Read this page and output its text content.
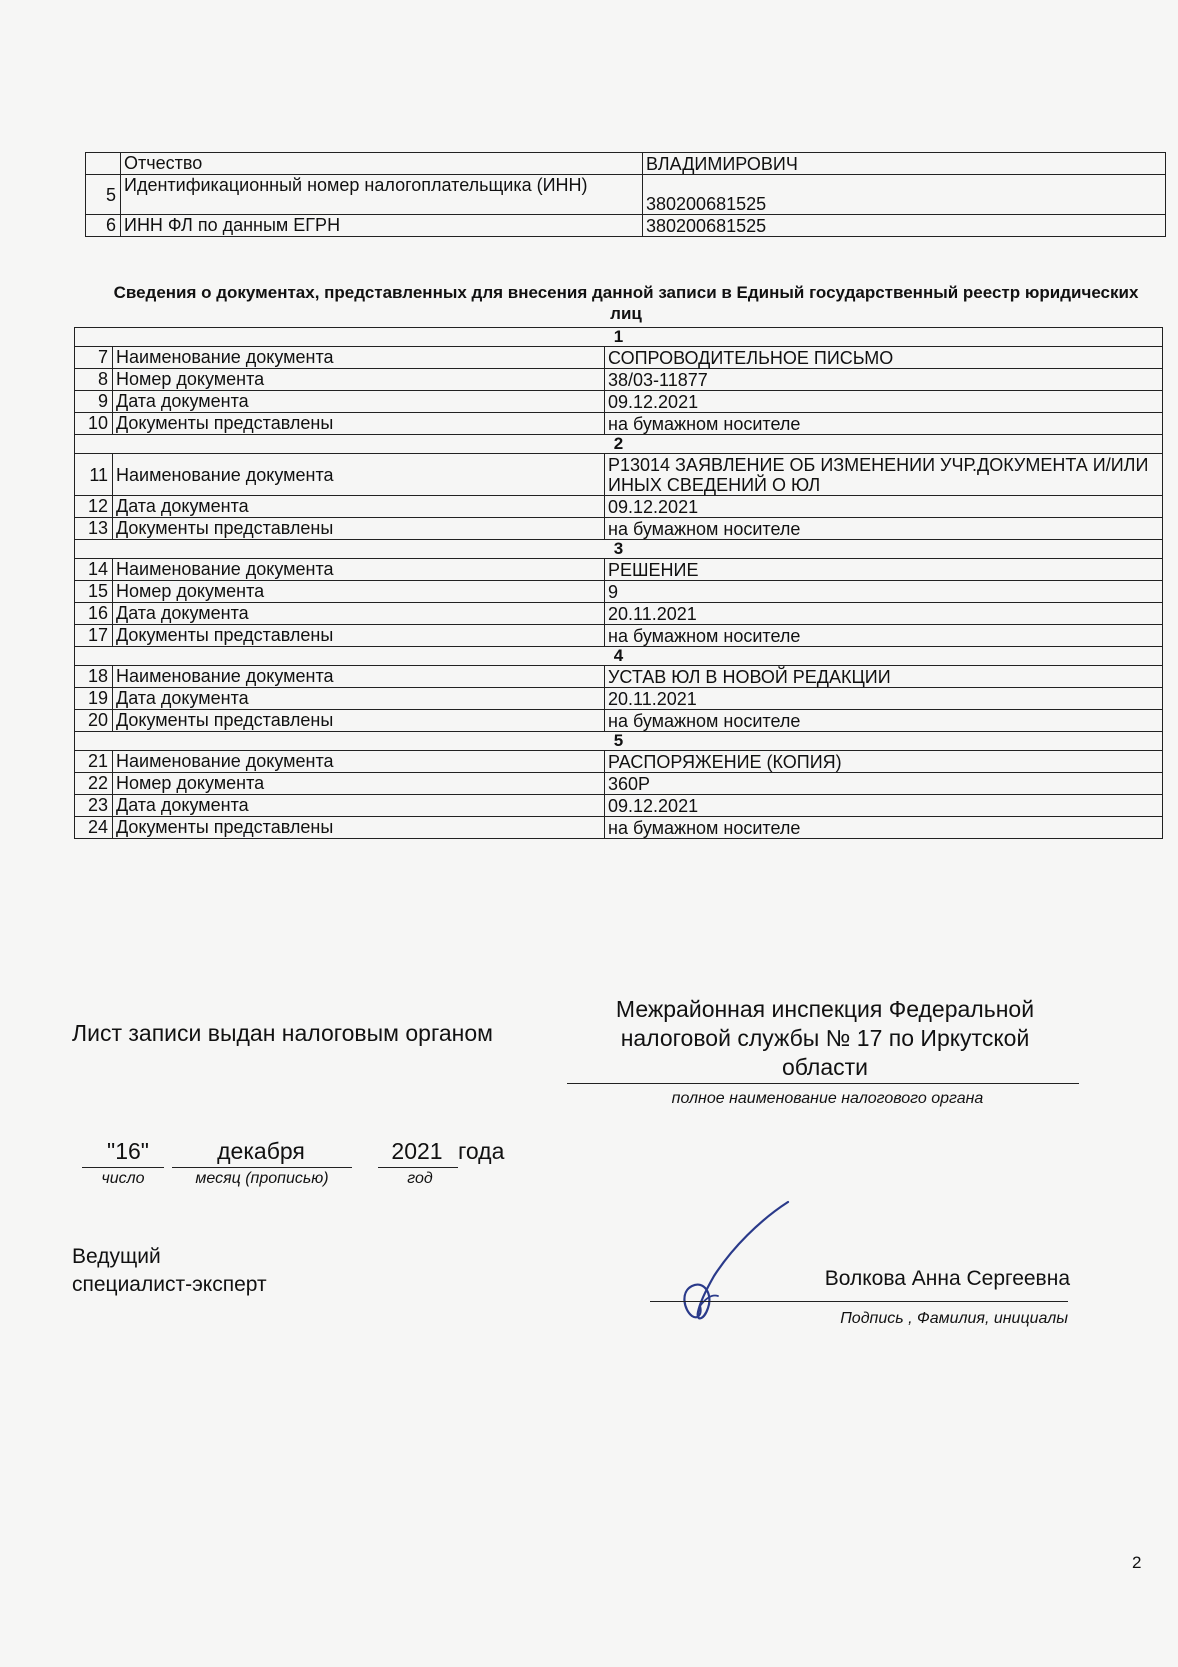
	Отчество	ВЛАДИМИРОВИЧ
5	Идентификационный номер налогоплательщика (ИНН)	380200681525
6	ИНН ФЛ по данным ЕГРН	380200681525
Сведения о документах, представленных для внесения данной записи в Единый государственный реестр юридических лиц
1		
7	Наименование документа	СОПРОВОДИТЕЛЬНОЕ ПИСЬМО
8	Номер документа	38/03-11877
9	Дата документа	09.12.2021
10	Документы представлены	на бумажном носителе
2		
11	Наименование документа	Р13014 ЗАЯВЛЕНИЕ ОБ ИЗМЕНЕНИИ УЧР.ДОКУМЕНТА И/ИЛИ ИНЫХ СВЕДЕНИЙ О ЮЛ
12	Дата документа	09.12.2021
13	Документы представлены	на бумажном носителе
3		
14	Наименование документа	РЕШЕНИЕ
15	Номер документа	9
16	Дата документа	20.11.2021
17	Документы представлены	на бумажном носителе
4		
18	Наименование документа	УСТАВ ЮЛ В НОВОЙ РЕДАКЦИИ
19	Дата документа	20.11.2021
20	Документы представлены	на бумажном носителе
5		
21	Наименование документа	РАСПОРЯЖЕНИЕ (КОПИЯ)
22	Номер документа	360Р
23	Дата документа	09.12.2021
24	Документы представлены	на бумажном носителе
Лист записи выдан налоговым органом
Межрайонная инспекция Федеральной налоговой службы № 17 по Иркутской области
полное наименование налогового органа
"16"
число
декабря
месяц (прописью)
2021 года
год
Ведущий
специалист-эксперт	Волкова Анна Сергеевна
Подпись , Фамилия, инициалы
2
